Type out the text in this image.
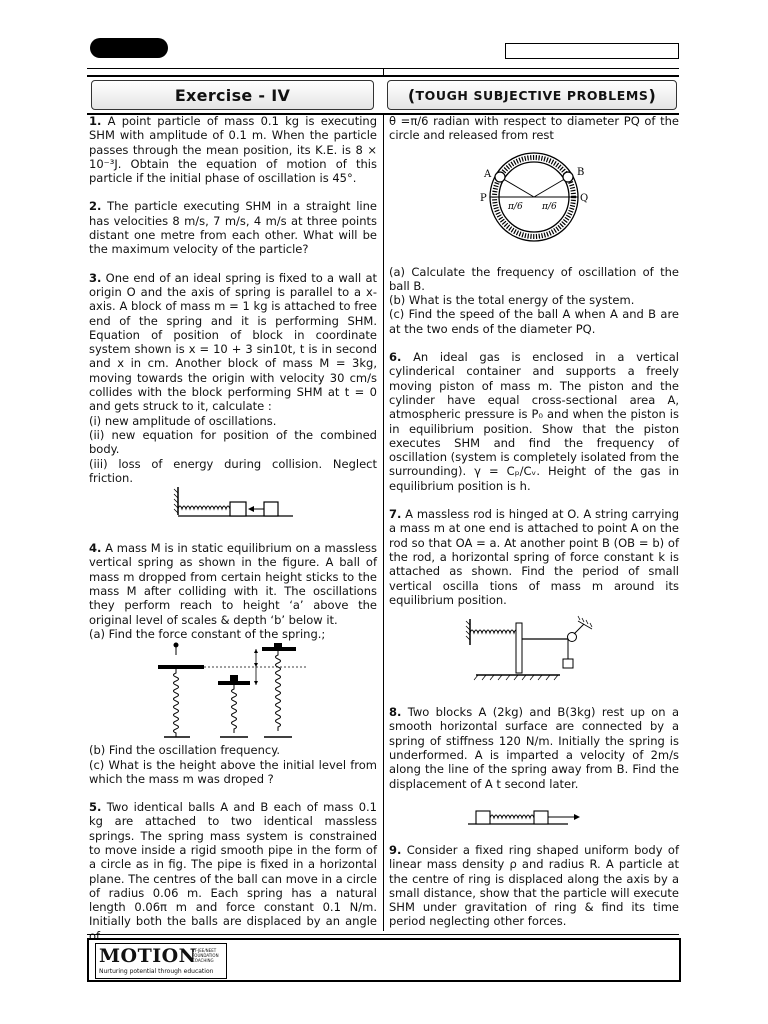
Exercise - IV	( TOUGH SUBJECTIVE PROBLEMS )

1. A point particle of mass 0.1 kg is executing SHM with amplitude of 0.1 m. When the particle passes through the mean position, its K.E. is 8 × 10⁻³J. Obtain the equation of motion of this particle if the initial phase of oscillation is 45°.

2. The particle executing SHM in a straight line has velocities 8 m/s, 7 m/s, 4 m/s at three points distant one metre from each other. What will be the maximum velocity of the particle?

3. One end of an ideal spring is fixed to a wall at origin O and the axis of spring is parallel to a x-axis. A block of mass m = 1 kg is attached to free end of the spring and it is performing SHM. Equation of position of block in coordinate system shown is x = 10 + 3 sin10t, t is in second and x in cm. Another block of mass M = 3kg, moving towards the origin with velocity 30 cm/s collides with the block performing SHM at t = 0 and gets struck to it, calculate :

(i) new amplitude of oscillations.

(ii) new equation for position of the combined body.

(iii) loss of energy during collision. Neglect friction.

4. A mass M is in static equilibrium on a massless vertical spring as shown in the figure. A ball of mass m dropped from certain height sticks to the mass M after colliding with it. The oscillations they perform reach to height ‘a’ above the original level of scales & depth ‘b’ below it.

(a) Find the force constant of the spring.;

(b) Find the oscillation frequency.

(c) What is the height above the initial level from which the mass m was droped ?

5. Two identical balls A and B each of mass 0.1 kg are attached to two identical massless springs. The spring mass system is constrained to move inside a rigid smooth pipe in the form of a circle as in fig. The pipe is fixed in a horizontal plane. The centres of the ball can move in a circle of radius 0.06 m. Each spring has a natural length 0.06π m and force constant 0.1 N/m. Initially both the balls are displaced by an angle of

θ =π/6 radian with respect to diameter PQ of the circle and released from rest

A	B
P	Q
π/6 π/6

(a) Calculate the frequency of oscillation of the ball B.

(b) What is the total energy of the system.

(c) Find the speed of the ball A when A and B are at the two ends of the diameter PQ.

6. An ideal gas is enclosed in a vertical cylinderical container and supports a freely moving piston of mass m. The piston and the cylinder have equal cross-sectional area A, atmospheric pressure is P₀ and when the piston is in equilibrium position. Show that the piston executes SHM and find the frequency of oscillation (system is completely isolated from the surrounding). γ = Cₚ/Cᵥ. Height of the gas in equilibrium position is h.

7. A massless rod is hinged at O. A string carrying a mass m at one end is attached to point A on the rod so that OA = a. At another point B (OB = b) of the rod, a horizontal spring of force constant k is attached as shown. Find the period of small vertical oscilla tions of mass m around its equilibrium position.

8. Two blocks A (2kg) and B(3kg) rest up on a smooth horizontal surface are connected by a spring of stiffness 120 N/m. Initially the spring is underformed. A is imparted a velocity of 2m/s along the line of the spring away from B. Find the displacement of A t second later.

9. Consider a fixed ring shaped uniform body of linear mass density ρ and radius R. A particle at the centre of ring is displaced along the axis by a small distance, show that the particle will execute SHM under gravitation of ring & find its time period neglecting other forces.

MOTION
IIT-JEE/NEET
FOUNDATION
COACHING
Nurturing potential through education
